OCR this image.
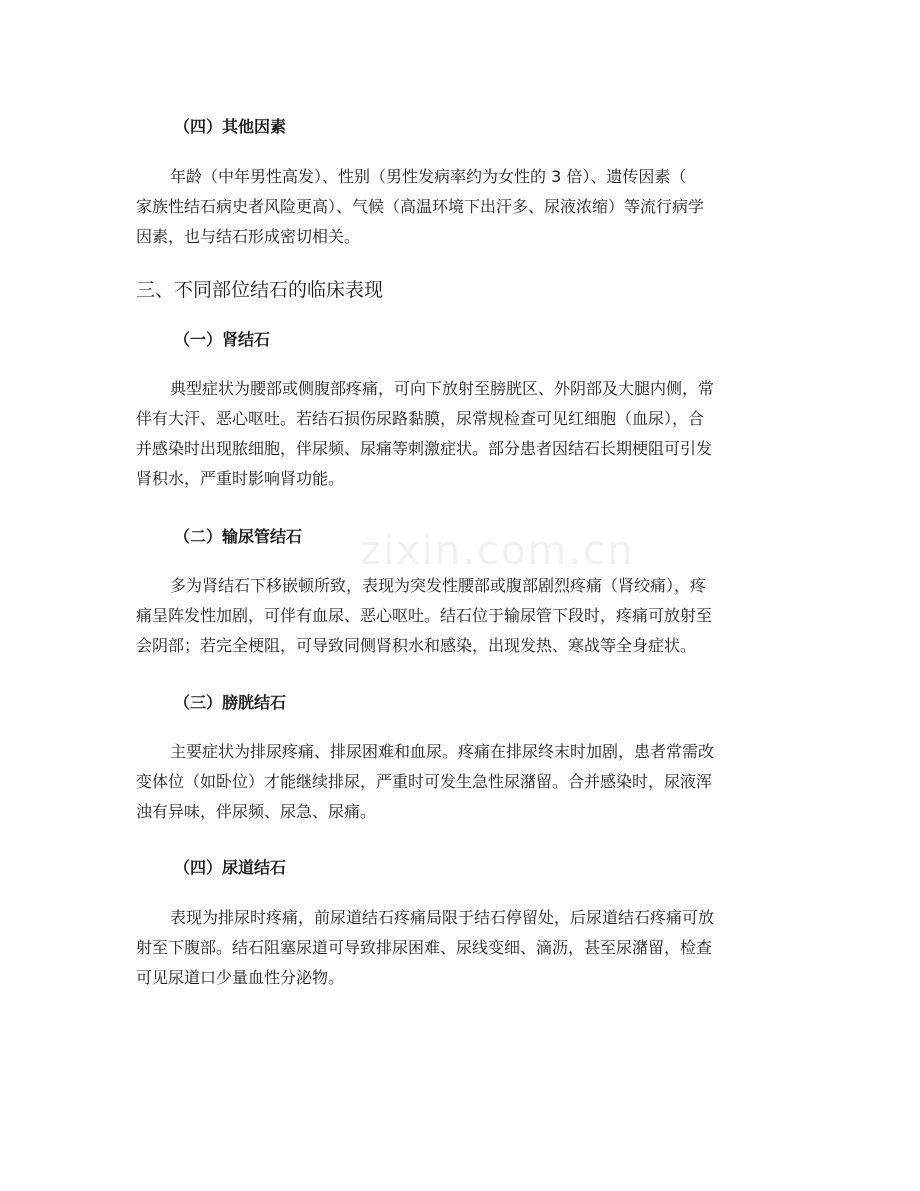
zixin.com.cn
（四）其他因素
年龄（中年男性高发）、性别（男性发病率约为女性的 3 倍）、遗传因素（
家族性结石病史者风险更高）、气候（高温环境下出汗多、尿液浓缩）等流行病学
因素，也与结石形成密切相关。
三、不同部位结石的临床表现
（一）肾结石
典型症状为腰部或侧腹部疼痛，可向下放射至膀胱区、外阴部及大腿内侧，常
伴有大汗、恶心呕吐。若结石损伤尿路黏膜，尿常规检查可见红细胞（血尿），合
并感染时出现脓细胞，伴尿频、尿痛等刺激症状。部分患者因结石长期梗阻可引发
肾积水，严重时影响肾功能。
（二）输尿管结石
多为肾结石下移嵌顿所致，表现为突发性腰部或腹部剧烈疼痛（肾绞痛），疼
痛呈阵发性加剧，可伴有血尿、恶心呕吐。结石位于输尿管下段时，疼痛可放射至
会阴部；若完全梗阻，可导致同侧肾积水和感染，出现发热、寒战等全身症状。
（三）膀胱结石
主要症状为排尿疼痛、排尿困难和血尿。疼痛在排尿终末时加剧，患者常需改
变体位（如卧位）才能继续排尿，严重时可发生急性尿潴留。合并感染时，尿液浑
浊有异味，伴尿频、尿急、尿痛。
（四）尿道结石
表现为排尿时疼痛，前尿道结石疼痛局限于结石停留处，后尿道结石疼痛可放
射至下腹部。结石阻塞尿道可导致排尿困难、尿线变细、滴沥，甚至尿潴留，检查
可见尿道口少量血性分泌物。
